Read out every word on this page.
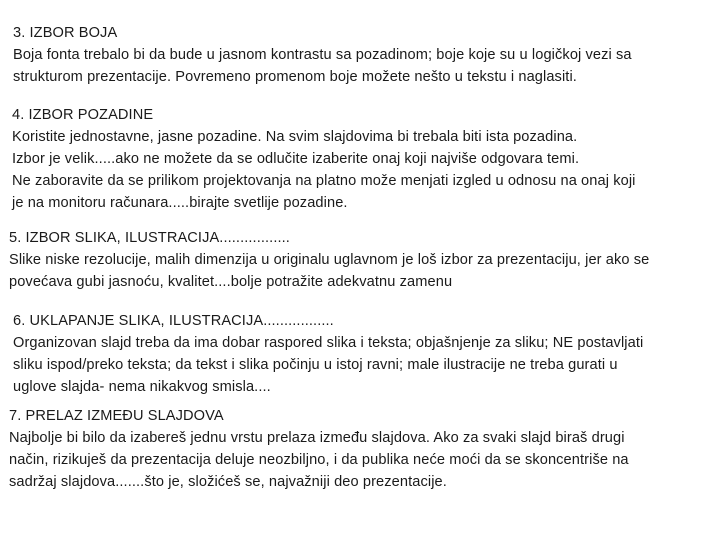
3. IZBOR BOJA
Boja fonta trebalo bi da bude u jasnom kontrastu sa pozadinom; boje koje su u logičkoj vezi sa
strukturom prezentacije. Povremeno promenom boje možete nešto u tekstu i naglasiti.
4. IZBOR POZADINE
Koristite jednostavne, jasne pozadine. Na svim slajdovima bi trebala biti ista pozadina.
Izbor je velik.....ako ne možete da se odlučite izaberite onaj koji najviše odgovara temi.
Ne zaboravite da se prilikom projektovanja na platno može menjati izgled u odnosu na onaj koji
je na monitoru računara.....birajte svetlije pozadine.
5. IZBOR SLIKA, ILUSTRACIJA.................
Slike niske rezolucije, malih dimenzija u originalu uglavnom je loš izbor za prezentaciju, jer ako se
povećava gubi jasnoću, kvalitet....bolje potražite adekvatnu zamenu
6. UKLAPANJE SLIKA, ILUSTRACIJA.................
Organizovan slajd treba da ima dobar raspored slika i teksta; objašnjenje za sliku; NE postavljati
sliku ispod/preko teksta; da tekst i slika počinju u istoj ravni; male ilustracije ne treba gurati u
uglove slajda- nema nikakvog smisla....
7. PRELAZ IZMEĐU SLAJDOVA
Najbolje bi bilo da izabereš jednu vrstu prelaza između slajdova. Ako za svaki slajd biraš drugi
način, rizikuješ da prezentacija deluje neozbiljno, i da publika neće moći da se skoncentriše na
sadržaj slajdova.......što je, složićeš se, najvažniji deo prezentacije.
